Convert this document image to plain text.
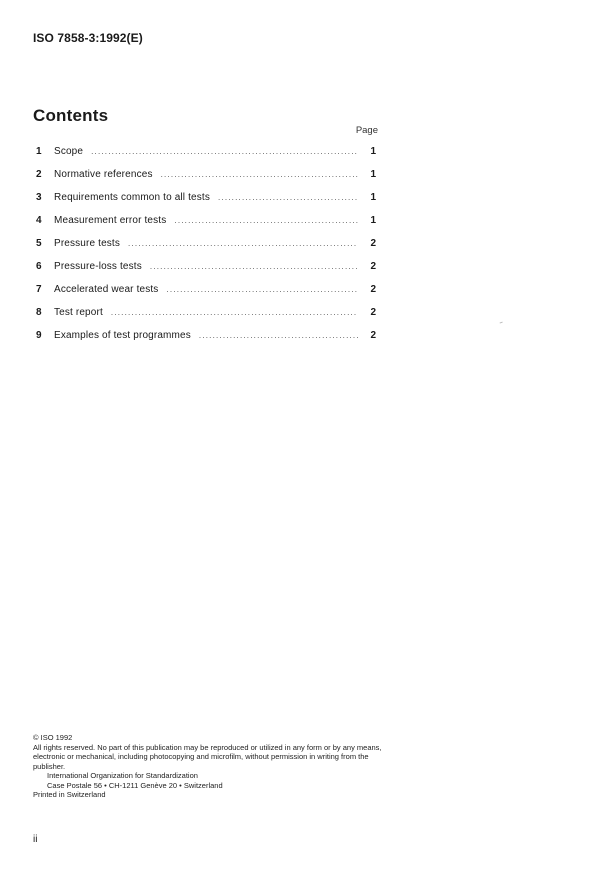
ISO 7858-3:1992(E)
Contents
Page
1	Scope .....	1
2	Normative references .....	1
3	Requirements common to all tests .....	1
4	Measurement error tests .....	1
5	Pressure tests .....	2
6	Pressure-loss tests .....	2
7	Accelerated wear tests .....	2
8	Test report .....	2
9	Examples of test programmes .....	2
© ISO 1992
All rights reserved. No part of this publication may be reproduced or utilized in any form or by any means, electronic or mechanical, including photocopying and microfilm, without permission in writing from the publisher.
International Organization for Standardization
Case Postale 56 • CH-1211 Genève 20 • Switzerland
Printed in Switzerland
ii
